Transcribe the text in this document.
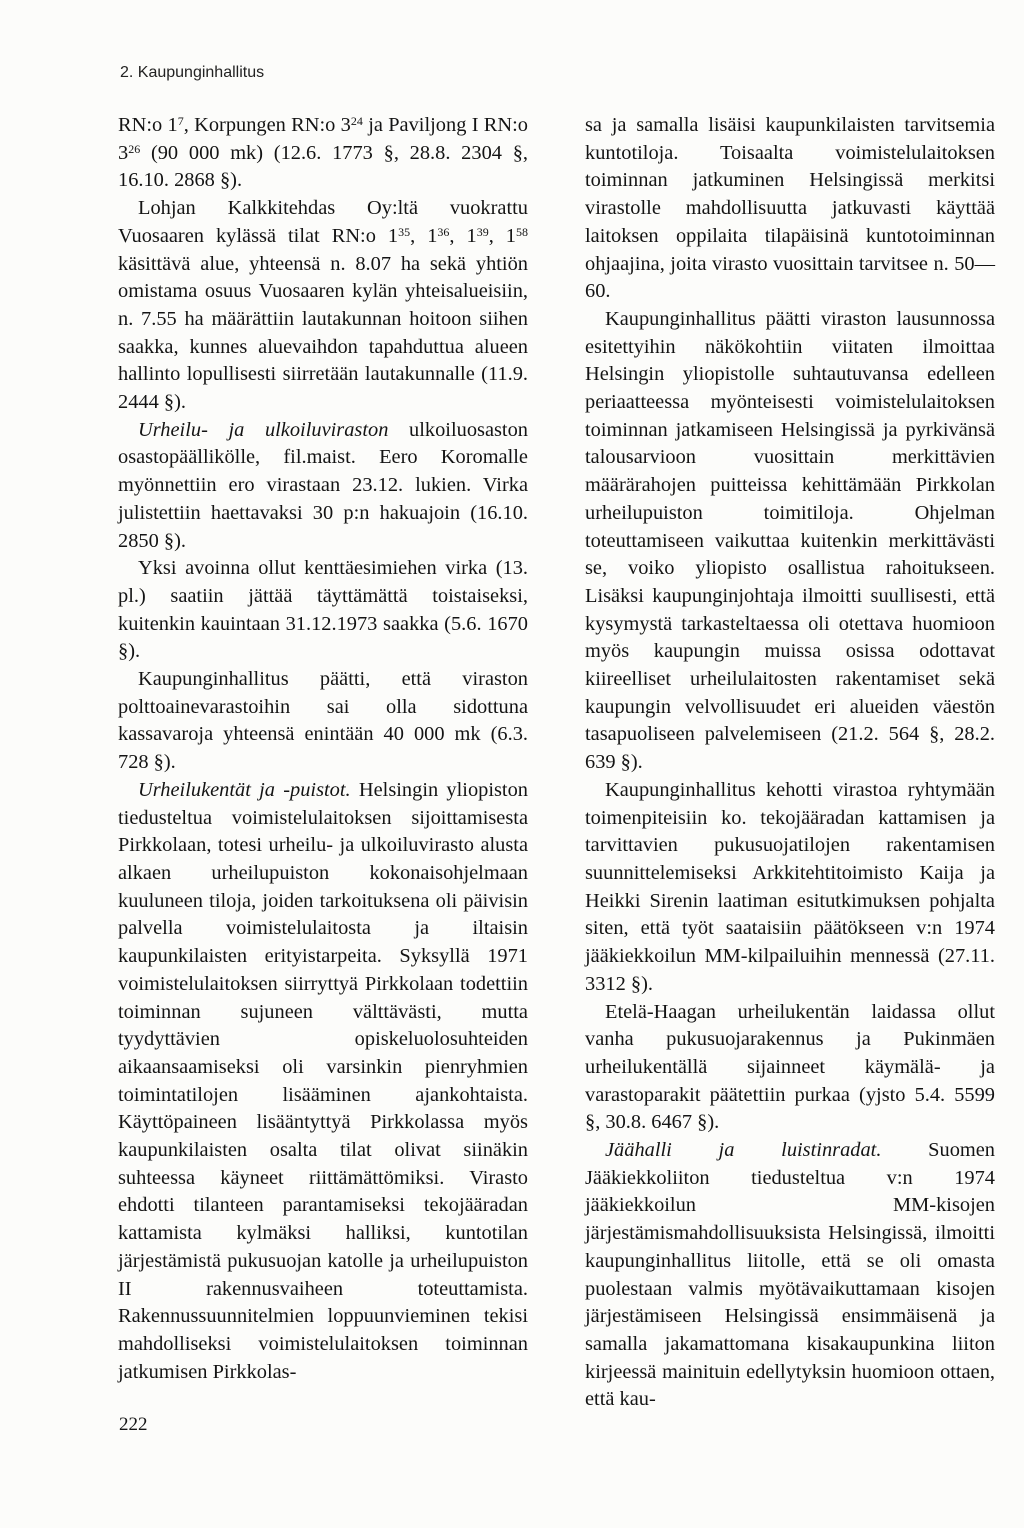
2. Kaupunginhallitus

RN:o $1^7$, Korpungen RN:o $3^{24}$ ja Paviljong I RN:o $3^{26}$ (90 000 mk) (12.6. 1773 §, 28.8. 2304 §, 16.10. 2868 §).

Lohjan Kalkkitehdas Oy:ltä vuokrattu Vuosaaren kylässä tilat RN:o $1^{35}$, $1^{36}$, $1^{39}$, $1^{58}$ käsittävä alue, yhteensä n. 8.07 ha sekä yhtiön omistama osuus Vuosaaren kylän yhteisalueisiin, n. 7.55 ha määrättiin lautakunnan hoitoon siihen saakka, kunnes aluevaihdon tapahduttua alueen hallinto lopullisesti siirretään lautakunnalle (11.9. 2444 §).

Urheilu- ja ulkoiluviraston ulkoiluosaston osastopäällikölle, fil.maist. Eero Koromalle myönnettiin ero virastaan 23.12. lukien. Virka julistettiin haettavaksi 30 p:n hakuajoin (16.10. 2850 §).

Yksi avoinna ollut kenttäesimiehen virka (13. pl.) saatiin jättää täyttämättä toistaiseksi, kuitenkin kauintaan 31.12.1973 saakka (5.6. 1670 §).

Kaupunginhallitus päätti, että viraston polttoainevarastoihin sai olla sidottuna kassavaroja yhteensä enintään 40 000 mk (6.3. 728 §).

Urheilukentät ja -puistot. Helsingin yliopiston tiedusteltua voimistelulaitoksen sijoittamisesta Pirkkolaan, totesi urheilu- ja ulkoiluvirasto alusta alkaen urheilupuiston kokonaisohjelmaan kuuluneen tiloja, joiden tarkoituksena oli päivisin palvella voimistelulaitosta ja iltaisin kaupunkilaisten erityistarpeita. Syksyllä 1971 voimistelulaitoksen siirryttyä Pirkkolaan todettiin toiminnan sujuneen välttävästi, mutta tyydyttävien opiskeluolosuhteiden aikaansaamiseksi oli varsinkin pienryhmien toimintatilojen lisääminen ajankohtaista. Käyttöpaineen lisääntyttyä Pirkkolassa myös kaupunkilaisten osalta tilat olivat siinäkin suhteessa käyneet riittämättömiksi. Virasto ehdotti tilanteen parantamiseksi tekojääradan kattamista kylmäksi halliksi, kuntotilan järjestämistä pukusuojan katolle ja urheilupuiston II rakennusvaiheen toteuttamista. Rakennussuunnitelmien loppuunvieminen tekisi mahdolliseksi voimistelulaitoksen toiminnan jatkumisen Pirkkolas-

sa ja samalla lisäisi kaupunkilaisten tarvitsemia kuntotiloja. Toisaalta voimistelulaitoksen toiminnan jatkuminen Helsingissä merkitsi virastolle mahdollisuutta jatkuvasti käyttää laitoksen oppilaita tilapäisinä kuntotoiminnan ohjaajina, joita virasto vuosittain tarvitsee n. 50—60.

Kaupunginhallitus päätti viraston lausunnossa esitettyihin näkökohtiin viitaten ilmoittaa Helsingin yliopistolle suhtautuvansa edelleen periaatteessa myönteisesti voimistelulaitoksen toiminnan jatkamiseen Helsingissä ja pyrkivänsä talousarvioon vuosittain merkittävien määrärahojen puitteissa kehittämään Pirkkolan urheilupuiston toimitiloja. Ohjelman toteuttamiseen vaikuttaa kuitenkin merkittävästi se, voiko yliopisto osallistua rahoitukseen. Lisäksi kaupunginjohtaja ilmoitti suullisesti, että kysymystä tarkasteltaessa oli otettava huomioon myös kaupungin muissa osissa odottavat kiireelliset urheilulaitosten rakentamiset sekä kaupungin velvollisuudet eri alueiden väestön tasapuoliseen palvelemiseen (21.2. 564 §, 28.2. 639 §).

Kaupunginhallitus kehotti virastoa ryhtymään toimenpiteisiin ko. tekojääradan kattamisen ja tarvittavien pukusuojatilojen rakentamisen suunnittelemiseksi Arkkitehtitoimisto Kaija ja Heikki Sirenin laatiman esitutkimuksen pohjalta siten, että työt saataisiin päätökseen v:n 1974 jääkiekkoilun MM-kilpailuihin mennessä (27.11. 3312 §).

Etelä-Haagan urheilukentän laidassa ollut vanha pukusuojarakennus ja Pukinmäen urheilukentällä sijainneet käymälä- ja varastoparakit päätettiin purkaa (yjsto 5.4. 5599 §, 30.8. 6467 §).

Jäähalli ja luistinradat. Suomen Jääkiekkoliiton tiedusteltua v:n 1974 jääkiekkoilun MM-kisojen järjestämismahdollisuuksista Helsingissä, ilmoitti kaupunginhallitus liitolle, että se oli omasta puolestaan valmis myötävaikuttamaan kisojen järjestämiseen Helsingissä ensimmäisenä ja samalla jakamattomana kisakaupunkina liiton kirjeessä mainituin edellytyksin huomioon ottaen, että kau-

222
